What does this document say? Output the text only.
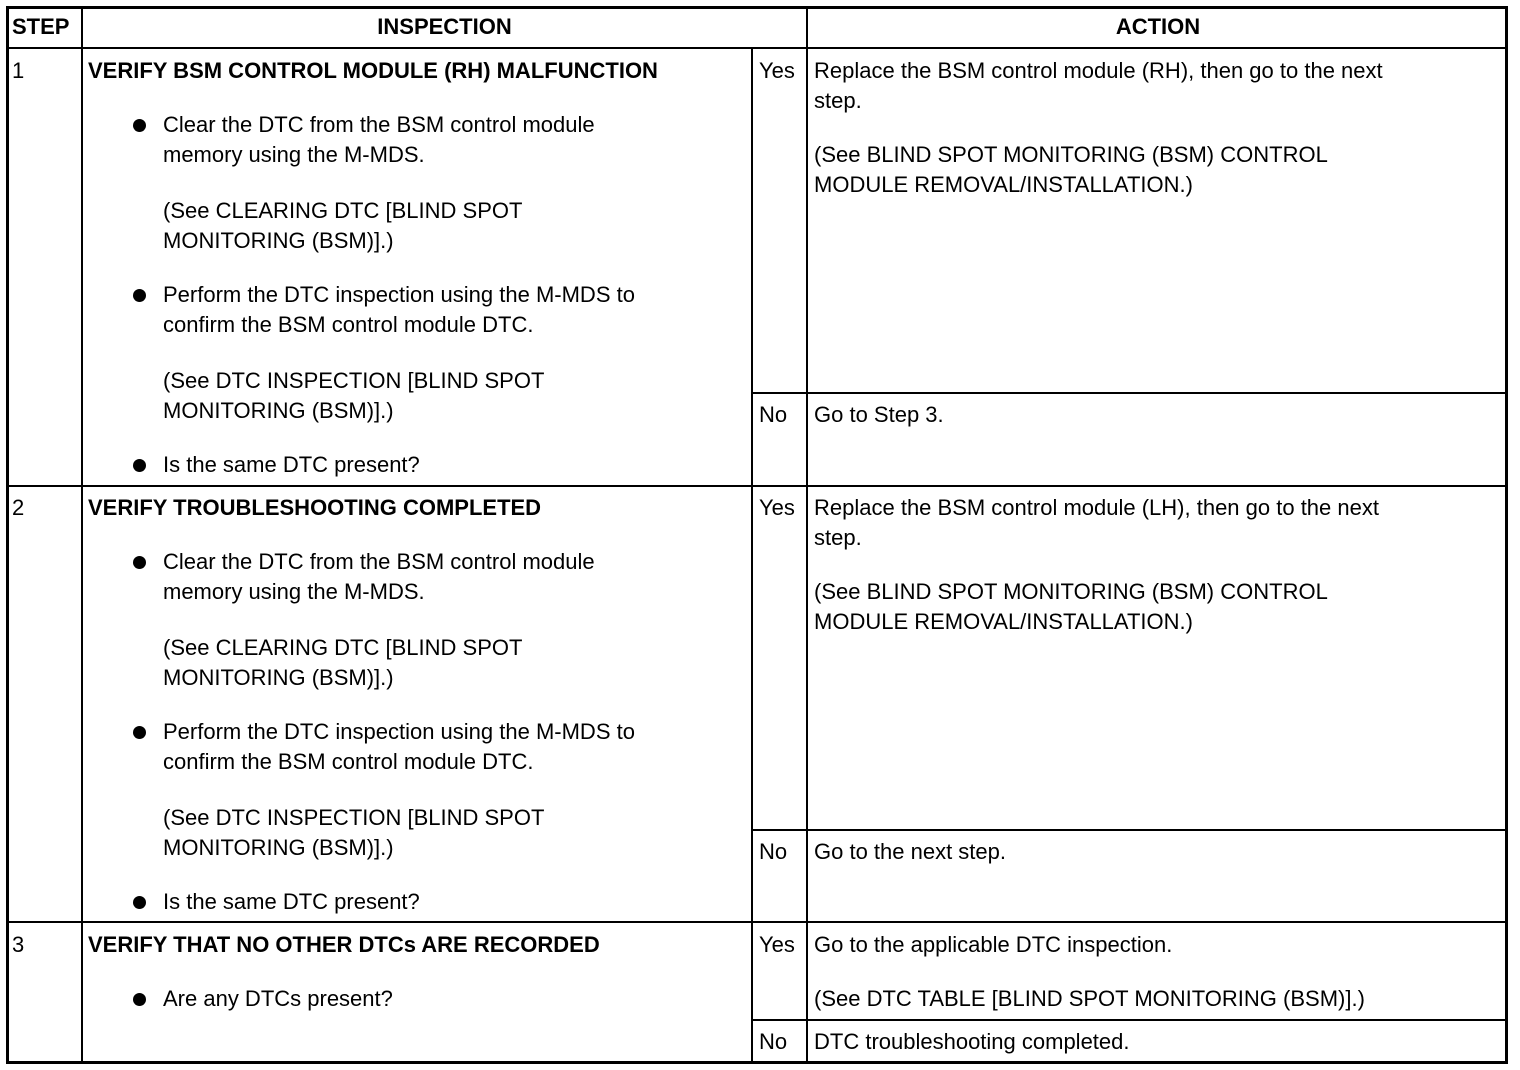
STEP	INSPECTION	ACTION
1	VERIFY BSM CONTROL MODULE (RH) MALFUNCTION
Clear the DTC from the BSM control module
memory using the M-MDS.
(See CLEARING DTC [BLIND SPOT
MONITORING (BSM)].)
Perform the DTC inspection using the M-MDS to
confirm the BSM control module DTC.
(See DTC INSPECTION [BLIND SPOT
MONITORING (BSM)].)
Is the same DTC present?
Yes Replace the BSM control module (RH), then go to the next
step.
(See BLIND SPOT MONITORING (BSM) CONTROL
MODULE REMOVAL/INSTALLATION.)
No Go to Step 3.
2	VERIFY TROUBLESHOOTING COMPLETED
Clear the DTC from the BSM control module
memory using the M-MDS.
(See CLEARING DTC [BLIND SPOT
MONITORING (BSM)].)
Perform the DTC inspection using the M-MDS to
confirm the BSM control module DTC.
(See DTC INSPECTION [BLIND SPOT
MONITORING (BSM)].)
Is the same DTC present?
Yes Replace the BSM control module (LH), then go to the next
step.
(See BLIND SPOT MONITORING (BSM) CONTROL
MODULE REMOVAL/INSTALLATION.)
No Go to the next step.
3	VERIFY THAT NO OTHER DTCs ARE RECORDED
Are any DTCs present?
Yes Go to the applicable DTC inspection.
(See DTC TABLE [BLIND SPOT MONITORING (BSM)].)
No DTC troubleshooting completed.
